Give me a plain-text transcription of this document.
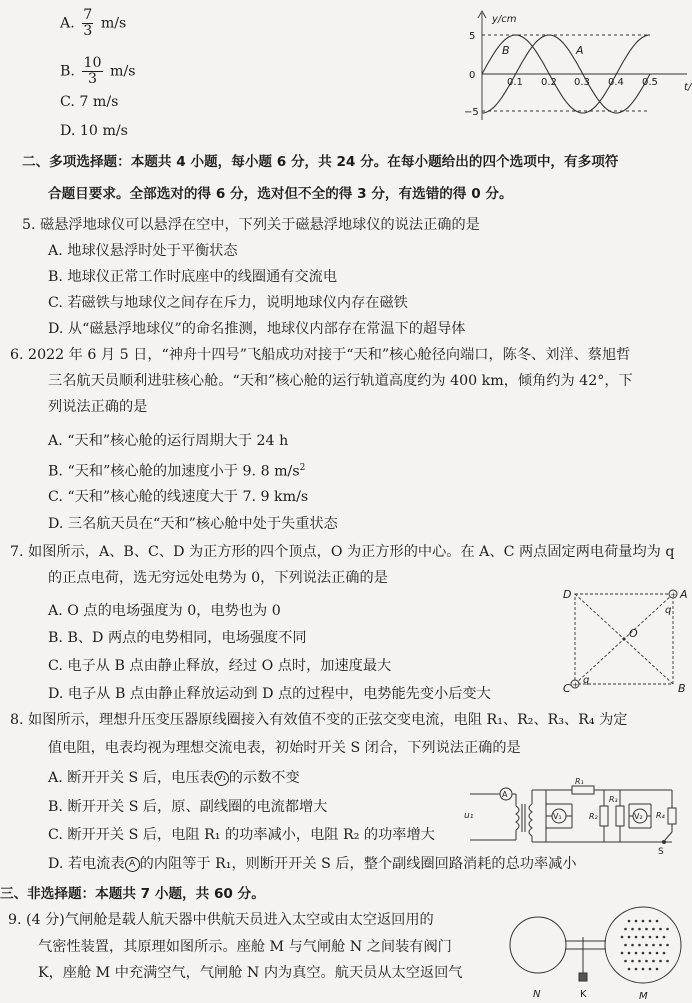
A. $\frac{7}{3} m/s$
B. $\frac{10}{3} m/s$
C. 7 m/s
D. 10 m/s
y/cm
t/
5
0
−5
0.1 0.2 0.3 0.4 0.5
B	A
二、多项选择题：本题共 4 小题，每小题 6 分，共 24 分。在每小题给出的四个选项中，有多项符
合题目要求。全部选对的得 6 分，选对但不全的得 3 分，有选错的得 0 分。
5. 磁悬浮地球仪可以悬浮在空中，下列关于磁悬浮地球仪的说法正确的是
A. 地球仪悬浮时处于平衡状态
B. 地球仪正常工作时底座中的线圈通有交流电
C. 若磁铁与地球仪之间存在斥力，说明地球仪内存在磁铁
D. 从“磁悬浮地球仪”的命名推测，地球仪内部存在常温下的超导体
6. 2022 年 6 月 5 日，“神舟十四号”飞船成功对接于“天和”核心舱径向端口，陈冬、刘洋、蔡旭哲
三名航天员顺利进驻核心舱。“天和”核心舱的运行轨道高度约为 400 km，倾角约为 42°，下
列说法正确的是
A. “天和”核心舱的运行周期大于 24 h
B. “天和”核心舱的加速度小于 9. 8 $m/s^2$
C. “天和”核心舱的线速度大于 7. 9 km/s
D. 三名航天员在“天和”核心舱中处于失重状态
7. 如图所示，A、B、C、D 为正方形的四个顶点，O 为正方形的中心。在 A、C 两点固定两电荷量均为 q
的正点电荷，选无穷远处电势为 0，下列说法正确的是
A. O 点的电场强度为 0，电势也为 0
B. B、D 两点的电势相同，电场强度不同
C. 电子从 B 点由静止释放，经过 O 点时，加速度最大
D. 电子从 B 点由静止释放运动到 D 点的过程中，电势能先变小后变大
+
+
D	A
B
C
O
q
q
8. 如图所示，理想升压变压器原线圈接入有效值不变的正弦交变电流，电阻 R₁、R₂、R₃、R₄ 为定
值电阻，电表均视为理想交流电表，初始时开关 S 闭合，下列说法正确的是
A. 断开开关 S 后，电压表 V₁ 的示数不变
B. 断开开关 S 后，原、副线圈的电流都增大
C. 断开开关 S 后，电阻 R₁ 的功率减小，电阻 R₂ 的功率增大
D. 若电流表 A 的内阻等于 R₁，则断开开关 S 后，整个副线圈回路消耗的总功率减小
u₁
A
V₁	V₂
R₁
R₂
R₃
R₄
S
三、非选择题：本题共 7 小题，共 60 分。
9. (4 分)气闸舱是载人航天器中供航天员进入太空或由太空返回用的
气密性装置，其原理如图所示。座舱 M 与气闸舱 N 之间装有阀门
K，座舱 M 中充满空气，气闸舱 N 内为真空。航天员从太空返回气
N	K	M
